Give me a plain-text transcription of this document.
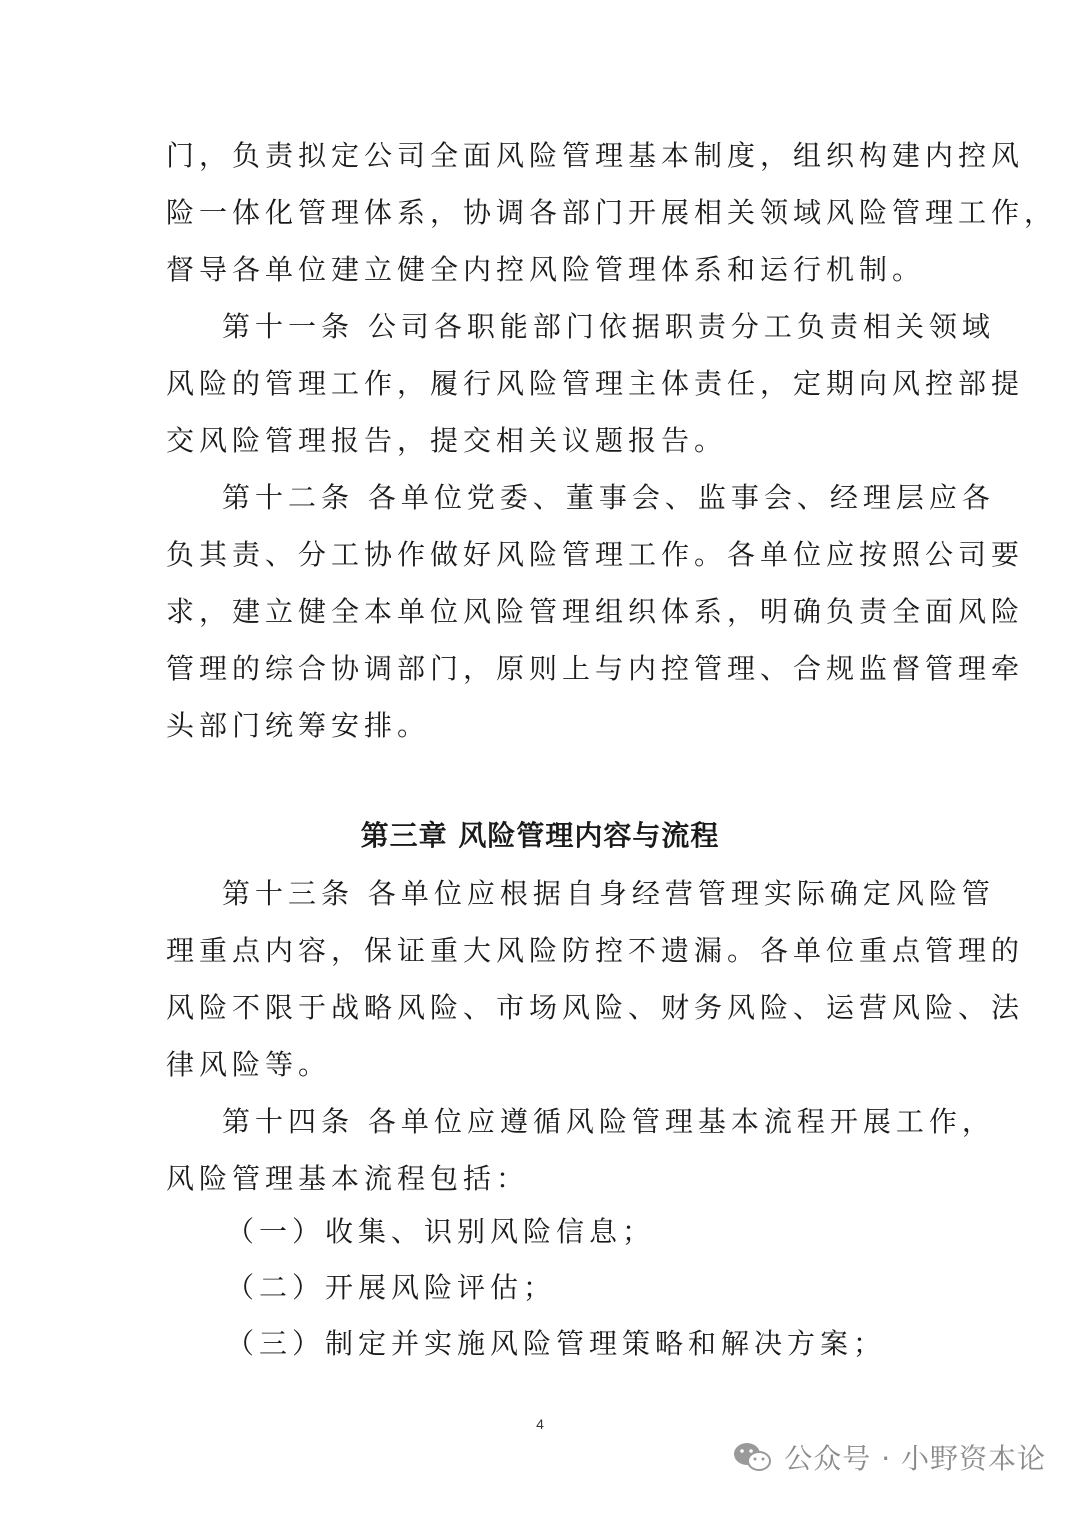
门，负责拟定公司全面风险管理基本制度，组织构建内控风
险一体化管理体系，协调各部门开展相关领域风险管理工作，
督导各单位建立健全内控风险管理体系和运行机制。
第十一条 公司各职能部门依据职责分工负责相关领域
风险的管理工作，履行风险管理主体责任，定期向风控部提
交风险管理报告，提交相关议题报告。
第十二条 各单位党委、董事会、监事会、经理层应各
负其责、分工协作做好风险管理工作。各单位应按照公司要
求，建立健全本单位风险管理组织体系，明确负责全面风险
管理的综合协调部门，原则上与内控管理、合规监督管理牵
头部门统筹安排。
第三章 风险管理内容与流程
第十三条 各单位应根据自身经营管理实际确定风险管
理重点内容，保证重大风险防控不遗漏。各单位重点管理的
风险不限于战略风险、市场风险、财务风险、运营风险、法
律风险等。
第十四条 各单位应遵循风险管理基本流程开展工作，
风险管理基本流程包括：
（一）收集、识别风险信息；
（二）开展风险评估；
（三）制定并实施风险管理策略和解决方案；
4
公众号 · 小野资本论
